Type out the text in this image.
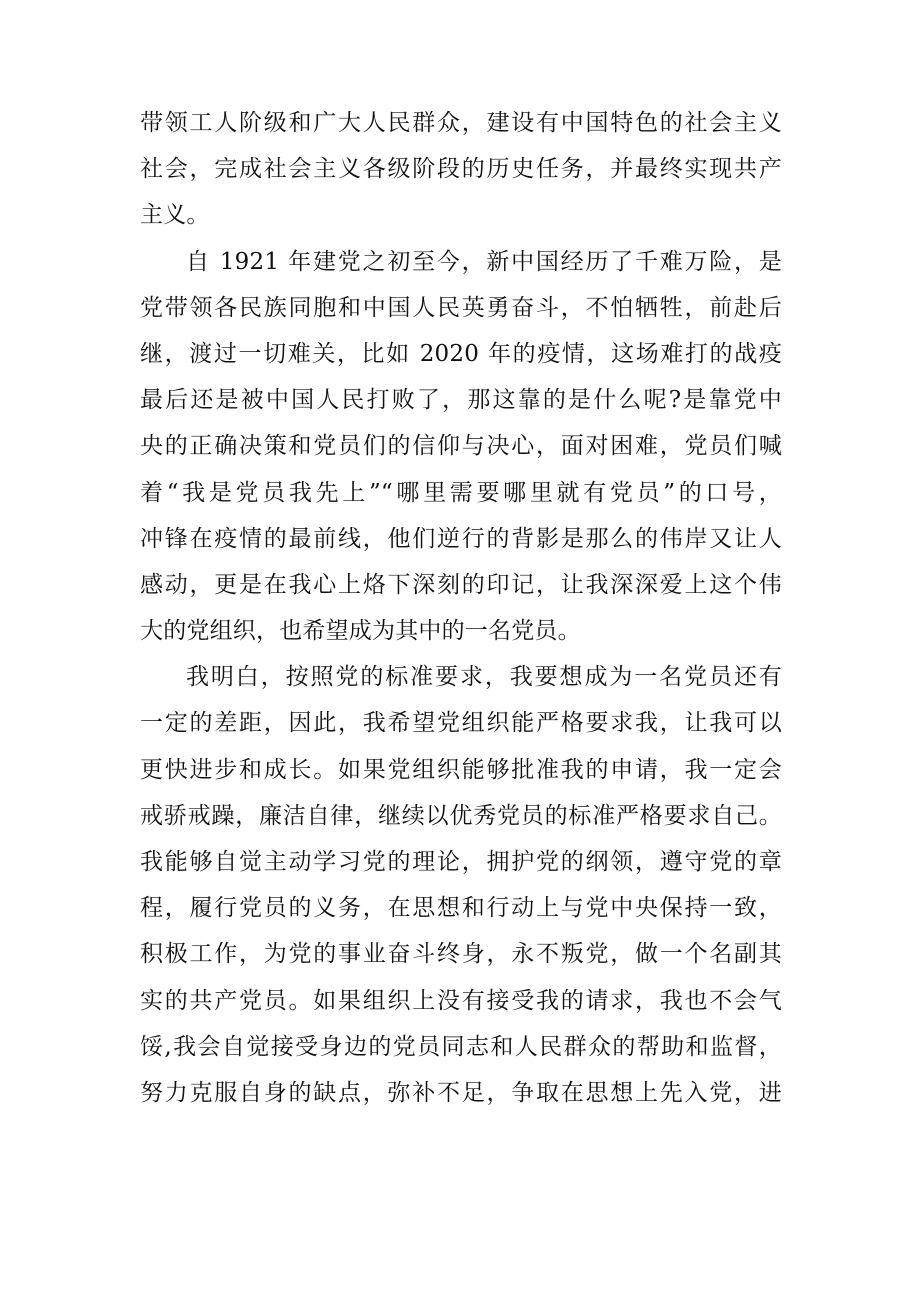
带领工人阶级和广大人民群众，建设有中国特色的社会主义
社会，完成社会主义各级阶段的历史任务，并最终实现共产
主义。
自 1921 年建党之初至今，新中国经历了千难万险，是
党带领各民族同胞和中国人民英勇奋斗，不怕牺牲，前赴后
继，渡过一切难关，比如 2020 年的疫情，这场难打的战疫
最后还是被中国人民打败了，那这靠的是什么呢?是靠党中
央的正确决策和党员们的信仰与决心，面对困难，党员们喊
着“我是党员我先上”“哪里需要哪里就有党员”的口号，
冲锋在疫情的最前线，他们逆行的背影是那么的伟岸又让人
感动，更是在我心上烙下深刻的印记，让我深深爱上这个伟
大的党组织，也希望成为其中的一名党员。
我明白，按照党的标准要求，我要想成为一名党员还有
一定的差距，因此，我希望党组织能严格要求我，让我可以
更快进步和成长。如果党组织能够批准我的申请，我一定会
戒骄戒躁，廉洁自律，继续以优秀党员的标准严格要求自己。
我能够自觉主动学习党的理论，拥护党的纲领，遵守党的章
程，履行党员的义务，在思想和行动上与党中央保持一致，
积极工作，为党的事业奋斗终身，永不叛党，做一个名副其
实的共产党员。如果组织上没有接受我的请求，我也不会气
馁,我会自觉接受身边的党员同志和人民群众的帮助和监督，
努力克服自身的缺点，弥补不足，争取在思想上先入党，进
